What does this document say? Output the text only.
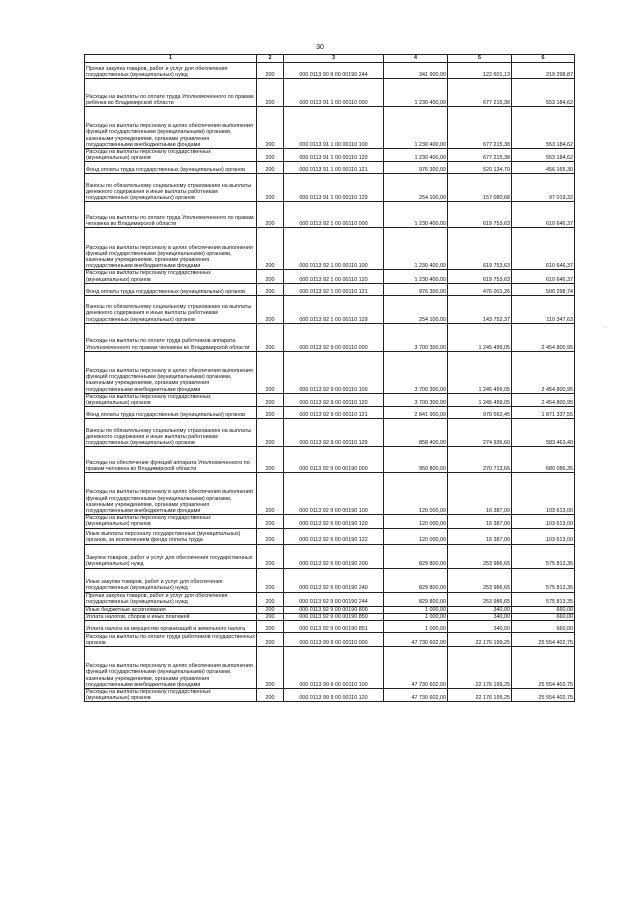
30
1	2	3	4	5	6
Прочая закупка товаров, работ и услуг для обеспечения государственных (муниципальных) нужд	200	000 0113 90 9 00 00190 244	341 900,00	122 601,13	219 298,87
Расходы на выплаты по оплате труда Уполномоченного по правам ребёнка во Владимирской области	200	000 0113 91 1 00 00110 000	1 230 400,00	677 215,38	553 184,62
Расходы на выплаты персоналу в целях обеспечения выполнения функций государственными (муниципальными) органами, казенными учреждениями, органами управления государственными внебюджетными фондами	200	000 0113 91 1 00 00110 100	1 230 400,00	677 215,38	553 184,62
Расходы на выплаты персоналу государственных (муниципальных) органов	200	000 0113 91 1 00 00110 120	1 230 400,00	677 215,38	553 184,62
Фонд оплаты труда государственных (муниципальных) органов	200	000 0113 91 1 00 00110 121	976 300,00	520 134,70	456 165,30
Взносы по обязательному социальному страхованию на выплаты денежного содержания и иные выплаты работникам государственных (муниципальных) органов	200	000 0113 91 1 00 00110 129	254 100,00	157 080,68	97 019,32
Расходы на выплаты по оплате труда Уполномоченного по правам человека во Владимирской области	200	000 0113 92 1 00 00110 000	1 230 400,00	619 753,63	610 646,37
Расходы на выплаты персоналу в целях обеспечения выполнения функций государственными (муниципальными) органами, казенными учреждениями, органами управления государственными внебюджетными фондами	200	000 0113 92 1 00 00110 100	1 230 400,00	619 753,63	610 646,37
Расходы на выплаты персоналу государственных (муниципальных) органов	200	000 0113 92 1 00 00110 120	1 230 400,00	619 753,63	610 646,37
Фонд оплаты труда государственных (муниципальных) органов	200	000 0113 92 1 00 00110 121	976 300,00	476 001,26	500 298,74
Взносы по обязательному социальному страхованию на выплаты денежного содержания и иные выплаты работникам государственных (муниципальных) органов	200	000 0113 92 1 00 00110 129	254 100,00	143 752,37	110 347,63
Расходы на выплаты по оплате труда работников аппарата Уполномоченного по правам человека во Владимирской области	200	000 0113 92 9 00 00110 000	3 700 300,00	1 245 499,05	2 454 800,95
Расходы на выплаты персоналу в целях обеспечения выполнения функций государственными (муниципальными) органами, казенными учреждениями, органами управления государственными внебюджетными фондами	200	000 0113 92 9 00 00110 100	3 700 300,00	1 245 499,05	2 454 800,95
Расходы на выплаты персоналу государственных (муниципальных) органов	200	000 0113 92 9 00 00110 120	3 700 300,00	1 245 499,05	2 454 800,95
Фонд оплаты труда государственных (муниципальных) органов	200	000 0113 92 9 00 00110 121	2 841 900,00	970 562,45	1 871 337,55
Взносы по обязательному социальному страхованию на выплаты денежного содержания и иные выплаты работникам государственных (муниципальных) органов	200	000 0113 92 9 00 00110 129	858 400,00	274 936,60	583 463,40
Расходы на обеспечение функций аппарата Уполномоченного по правам человека во Владимирской области	200	000 0113 92 9 00 00190 000	950 800,00	270 713,65	680 086,35
Расходы на выплаты персоналу в целях обеспечения выполнения функций государственными (муниципальными) органами, казенными учреждениями, органами управления государственными внебюджетными фондами	200	000 0113 92 9 00 00190 100	120 000,00	16 387,00	103 613,00
Расходы на выплаты персоналу государственных (муниципальных) органов	200	000 0113 92 9 00 00190 120	120 000,00	16 387,00	103 613,00
Иные выплаты персоналу государственных (муниципальных) органов, за исключением фонда оплаты труда	200	000 0113 92 9 00 00190 122	120 000,00	16 387,00	103 613,00
Закупка товаров, работ и услуг для обеспечения государственных (муниципальных) нужд	200	000 0113 92 9 00 00190 200	829 800,00	253 986,65	575 813,35
Иные закупки товаров, работ и услуг для обеспечения государственных (муниципальных) нужд	200	000 0113 92 9 00 00190 240	829 800,00	253 986,65	575 813,35
Прочая закупка товаров, работ и услуг для обеспечения государственных (муниципальных) нужд	200	000 0113 92 9 00 00190 244	829 800,00	253 986,65	575 813,35
Иные бюджетные ассигнования	200	000 0113 92 9 00 00190 800	1 000,00	340,00	660,00
Уплата налогов, сборов и иных платежей	200	000 0113 92 9 00 00190 850	1 000,00	340,00	660,00
Уплата налога на имущество организаций и земельного налога	200	000 0113 92 9 00 00190 851	1 000,00	340,00	660,00
Расходы на выплаты по оплате труда работников государственных органов	200	000 0113 99 9 00 00110 000	47 730 602,00	22 176 199,25	25 554 402,75
Расходы на выплаты персоналу в целях обеспечения выполнения функций государственными (муниципальными) органами, казенными учреждениями, органами управления государственными внебюджетными фондами	200	000 0113 99 9 00 00110 100	47 730 602,00	22 176 199,25	25 554 402,75
Расходы на выплаты персоналу государственных (муниципальных) органов	200	000 0113 99 9 00 00110 120	47 730 602,00	22 176 199,25	25 554 402,75
·
